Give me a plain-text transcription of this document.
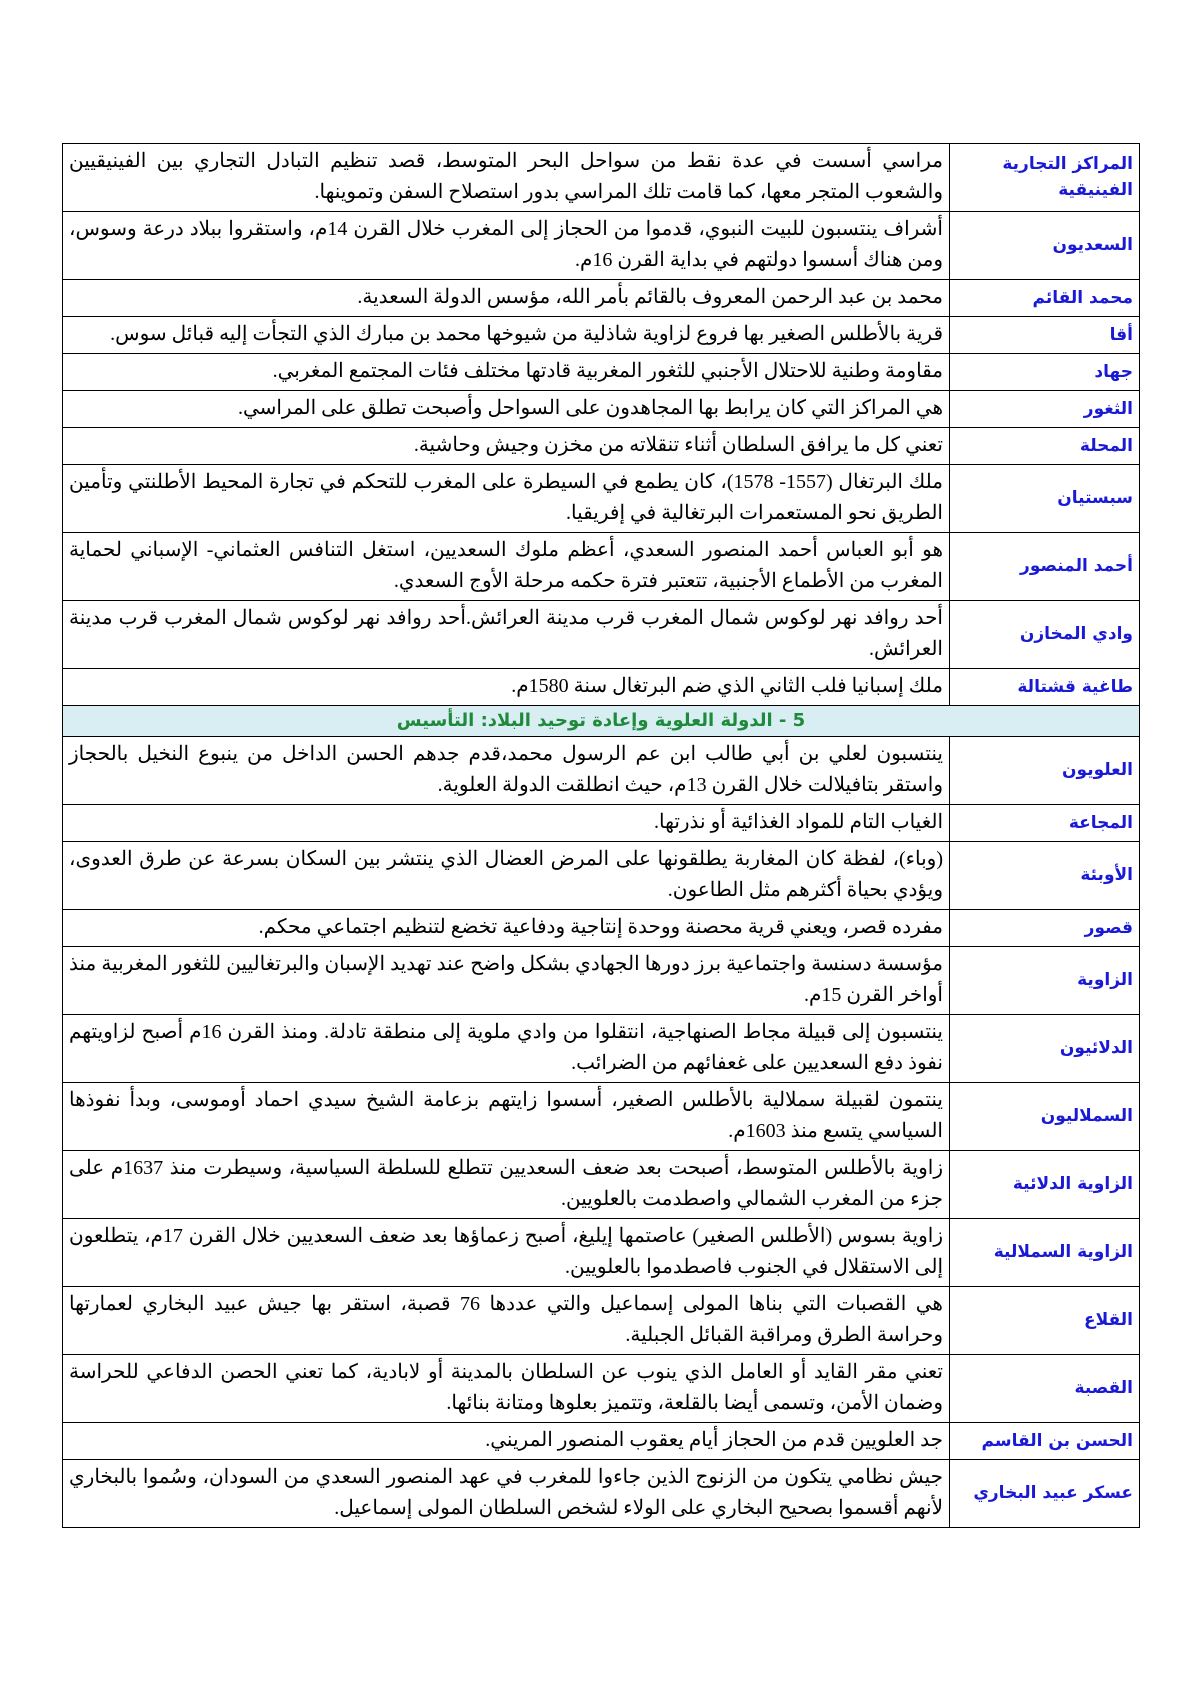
المراكز التجارية الفينيقية	مراسي أسست في عدة نقط من سواحل البحر المتوسط، قصد تنظيم التبادل التجاري بين الفينيقيين والشعوب المتجر معها، كما قامت تلك المراسي بدور استصلاح السفن وتموينها.
السعديون	أشراف ينتسبون للبيت النبوي، قدموا من الحجاز إلى المغرب خلال القرن 14م، واستقروا ببلاد درعة وسوس، ومن هناك أسسوا دولتهم في بداية القرن 16م.
محمد القائم	محمد بن عبد الرحمن المعروف بالقائم بأمر الله، مؤسس الدولة السعدية.
أقا	قرية بالأطلس الصغير بها فروع لزاوية شاذلية من شيوخها محمد بن مبارك الذي التجأت إليه قبائل سوس.
جهاد	مقاومة وطنية للاحتلال الأجنبي للثغور المغربية قادتها مختلف فئات المجتمع المغربي.
الثغور	هي المراكز التي كان يرابط بها المجاهدون على السواحل وأصبحت تطلق على المراسي.
المحلة	تعني كل ما يرافق السلطان أثناء تنقلاته من مخزن وجيش وحاشية.
سبستيان	ملك البرتغال (1557- 1578)، كان يطمع في السيطرة على المغرب للتحكم في تجارة المحيط الأطلنتي وتأمين الطريق نحو المستعمرات البرتغالية في إفريقيا.
أحمد المنصور	هو أبو العباس أحمد المنصور السعدي، أعظم ملوك السعديين، استغل التنافس العثماني- الإسباني لحماية المغرب من الأطماع الأجنبية، تتعتبر فترة حكمه مرحلة الأوج السعدي.
وادي المخازن	أحد روافد نهر لوكوس شمال المغرب قرب مدينة العرائش.أحد روافد نهر لوكوس شمال المغرب قرب مدينة العرائش.
طاغية قشتالة	ملك إسبانيا فلب الثاني الذي ضم البرتغال سنة 1580م.
5 - الدولة العلوية وإعادة توحيد البلاد: التأسيس	
العلويون	ينتسبون لعلي بن أبي طالب ابن عم الرسول محمد،قدم جدهم الحسن الداخل من ينبوع النخيل بالحجاز واستقر بتافيلالت خلال القرن 13م، حيث انطلقت الدولة العلوية.
المجاعة	الغياب التام للمواد الغذائية أو نذرتها.
الأوبئة	(وباء)، لفظة كان المغاربة يطلقونها على المرض العضال الذي ينتشر بين السكان بسرعة عن طرق العدوى، ويؤدي بحياة أكثرهم مثل الطاعون.
قصور	مفرده قصر، ويعني قرية محصنة ووحدة إنتاجية ودفاعية تخضع لتنظيم اجتماعي محكم.
الزاوية	مؤسسة دسنسة واجتماعية برز دورها الجهادي بشكل واضح عند تهديد الإسبان والبرتغاليين للثغور المغربية منذ أواخر القرن 15م.
الدلائيون	ينتسبون إلى قبيلة مجاط الصنهاجية، انتقلوا من وادي ملوية إلى منطقة تادلة. ومنذ القرن 16م أصبح لزاويتهم نفوذ دفع السعديين على غعفائهم من الضرائب.
السملاليون	ينتمون لقبيلة سملالية بالأطلس الصغير، أسسوا زايتهم بزعامة الشيخ سيدي احماد أوموسى، وبدأ نفوذها السياسي يتسع منذ 1603م.
الزاوية الدلائية	زاوية بالأطلس المتوسط، أصبحت بعد ضعف السعديين تتطلع للسلطة السياسية، وسيطرت منذ 1637م على جزء من المغرب الشمالي واصطدمت بالعلويين.
الزاوية السملالية	زاوية بسوس (الأطلس الصغير) عاصتمها إيليغ، أصبح زعماؤها بعد ضعف السعديين خلال القرن 17م، يتطلعون إلى الاستقلال في الجنوب فاصطدموا بالعلويين.
القلاع	هي القصبات التي بناها المولى إسماعيل والتي عددها 76 قصبة، استقر بها جيش عبيد البخاري لعمارتها وحراسة الطرق ومراقبة القبائل الجبلية.
القصبة	تعني مقر القايد أو العامل الذي ينوب عن السلطان بالمدينة أو لابادية، كما تعني الحصن الدفاعي للحراسة وضمان الأمن، وتسمى أيضا بالقلعة، وتتميز بعلوها ومتانة بنائها.
الحسن بن القاسم	جد العلويين قدم من الحجاز أيام يعقوب المنصور المريني.
عسكر عبيد البخاري	جيش نظامي يتكون من الزنوج الذين جاءوا للمغرب في عهد المنصور السعدي من السودان، وسُموا بالبخاري لأنهم أقسموا بصحيح البخاري على الولاء لشخص السلطان المولى إسماعيل.
